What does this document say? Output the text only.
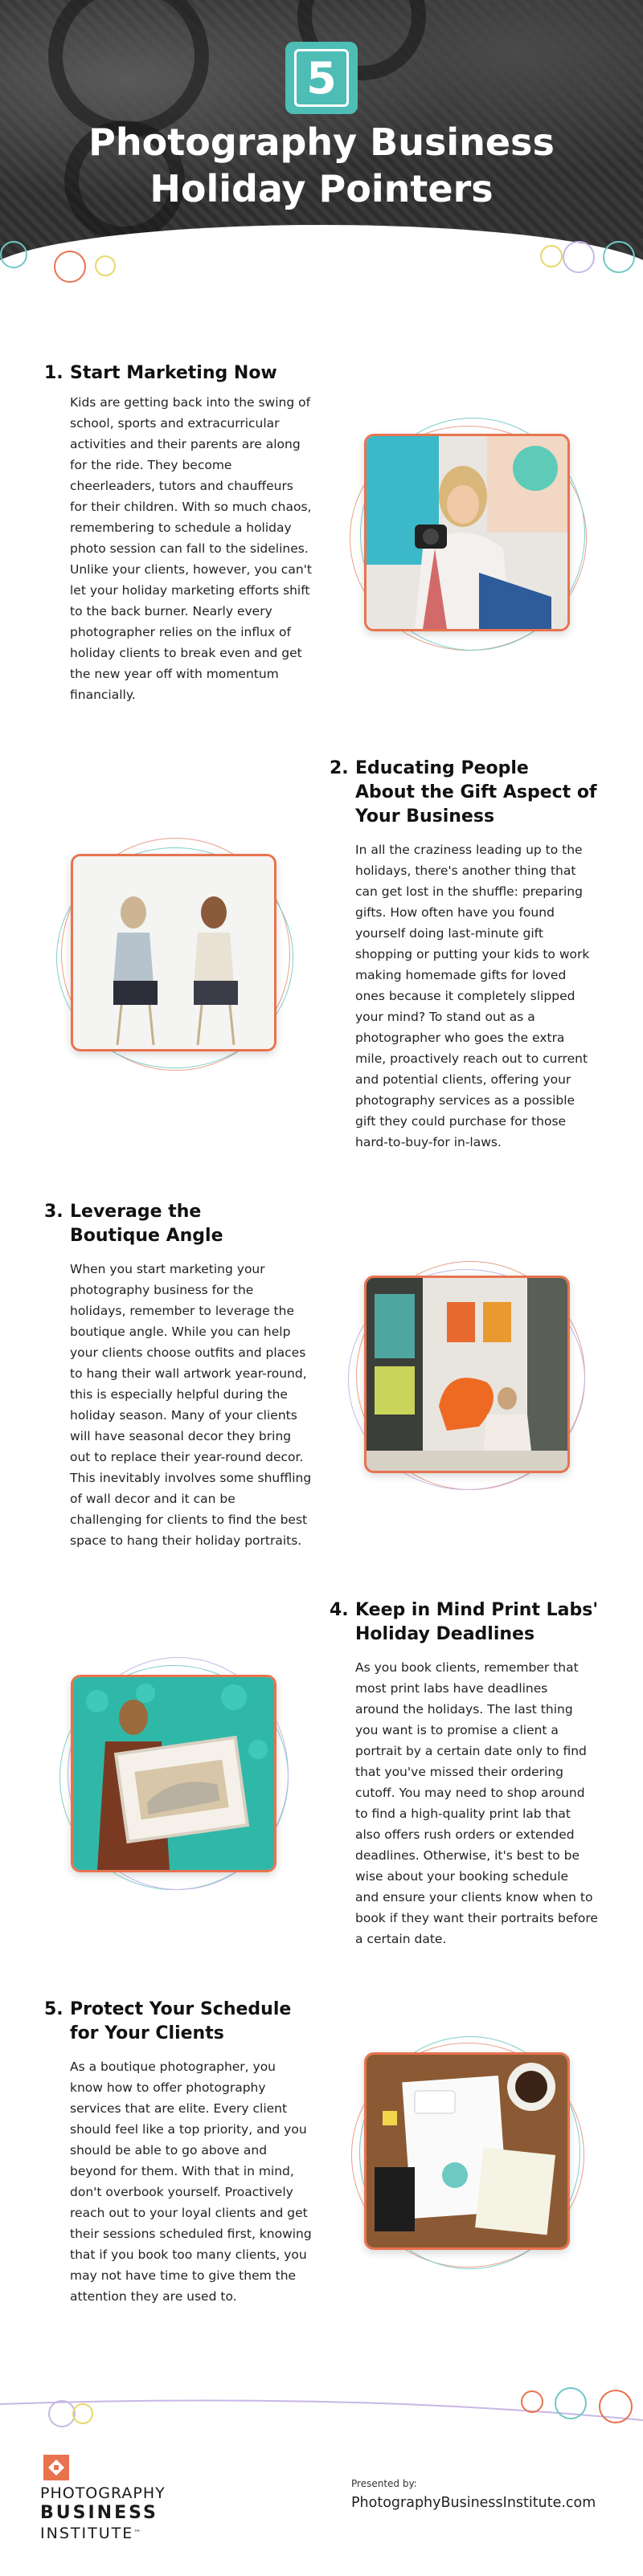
5
Photography Business
Holiday Pointers
1. Start Marketing Now
Kids are getting back into the swing of
school, sports and extracurricular
activities and their parents are along
for the ride. They become
cheerleaders, tutors and chauffeurs
for their children. With so much chaos,
remembering to schedule a holiday
photo session can fall to the sidelines.
Unlike your clients, however, you can't
let your holiday marketing efforts shift
to the back burner. Nearly every
photographer relies on the influx of
holiday clients to break even and get
the new year off with momentum
financially.
2. Educating People
About the Gift Aspect of
Your Business
In all the craziness leading up to the
holidays, there's another thing that
can get lost in the shuffle: preparing
gifts. How often have you found
yourself doing last-minute gift
shopping or putting your kids to work
making homemade gifts for loved
ones because it completely slipped
your mind? To stand out as a
photographer who goes the extra
mile, proactively reach out to current
and potential clients, offering your
photography services as a possible
gift they could purchase for those
hard-to-buy-for in-laws.
3. Leverage the
Boutique Angle
When you start marketing your
photography business for the
holidays, remember to leverage the
boutique angle. While you can help
your clients choose outfits and places
to hang their wall artwork year-round,
this is especially helpful during the
holiday season. Many of your clients
will have seasonal decor they bring
out to replace their year-round decor.
This inevitably involves some shuffling
of wall decor and it can be
challenging for clients to find the best
space to hang their holiday portraits.
4. Keep in Mind Print Labs'
Holiday Deadlines
As you book clients, remember that
most print labs have deadlines
around the holidays. The last thing
you want is to promise a client a
portrait by a certain date only to find
that you've missed their ordering
cutoff. You may need to shop around
to find a high-quality print lab that
also offers rush orders or extended
deadlines. Otherwise, it's best to be
wise about your booking schedule
and ensure your clients know when to
book if they want their portraits before
a certain date.
5. Protect Your Schedule
for Your Clients
As a boutique photographer, you
know how to offer photography
services that are elite. Every client
should feel like a top priority, and you
should be able to go above and
beyond for them. With that in mind,
don't overbook yourself. Proactively
reach out to your loyal clients and get
their sessions scheduled first, knowing
that if you book too many clients, you
may not have time to give them the
attention they are used to.
PHOTOGRAPHY
BUSINESS
INSTITUTE™
Presented by:
PhotographyBusinessInstitute.com
